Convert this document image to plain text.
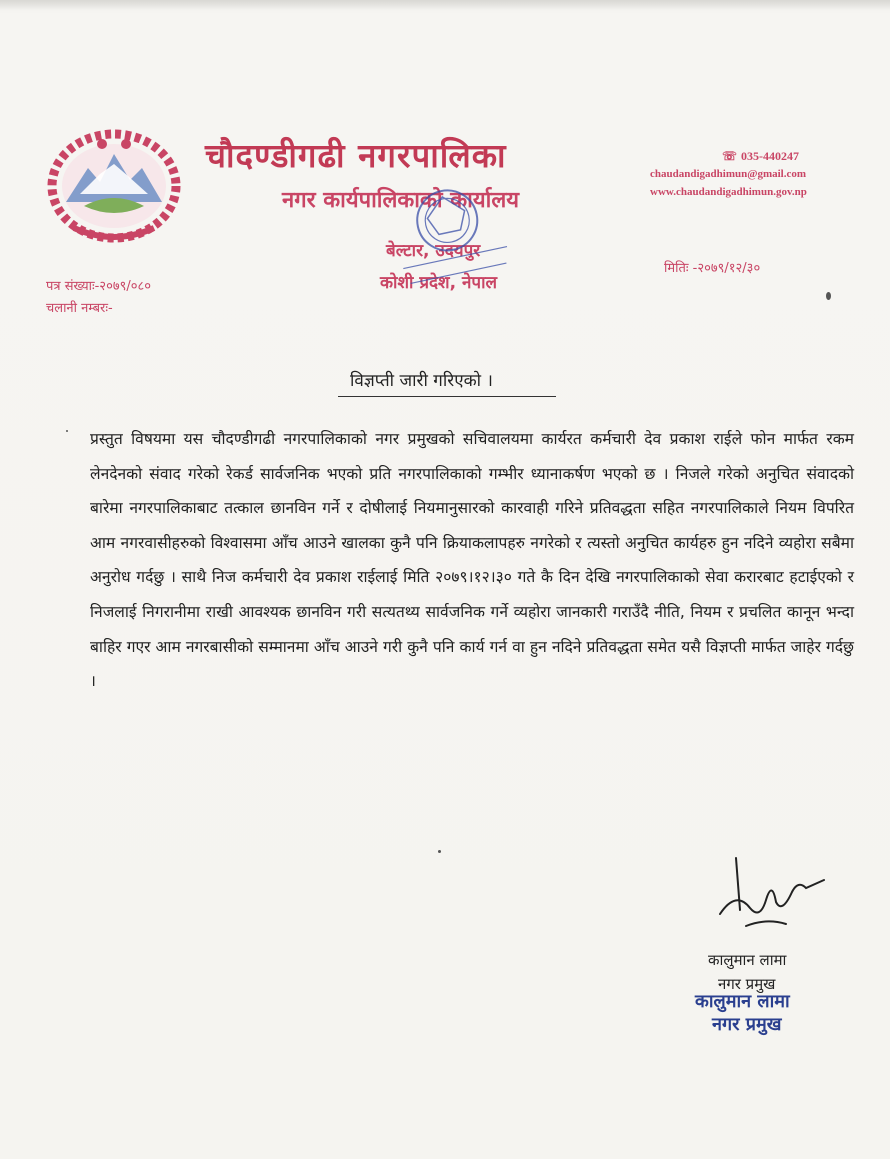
चौदण्डीगढी नगरपालिका
नगर कार्यपालिकाको कार्यालय
बेल्टार, उदयपुर
कोशी प्रदेश, नेपाल
☏ 035-440247
chaudandigadhimun@gmail.com
www.chaudandigadhimun.gov.np
पत्र संख्याः-२०७९/०८०
चलानी नम्बरः-
मितिः -२०७९/१२/३०
विज्ञप्ती जारी गरिएको ।
प्रस्तुत विषयमा यस चौदण्डीगढी नगरपालिकाको नगर प्रमुखको सचिवालयमा कार्यरत कर्मचारी देव प्रकाश राईले फोन मार्फत रकम लेनदेनको संवाद गरेको रेकर्ड सार्वजनिक भएको प्रति नगरपालिकाको गम्भीर ध्यानाकर्षण भएको छ । निजले गरेको अनुचित संवादको बारेमा नगरपालिकाबाट तत्काल छानविन गर्ने र दोषीलाई नियमानुसारको कारवाही गरिने प्रतिवद्धता सहित नगरपालिकाले नियम विपरित आम नगरवासीहरुको विश्वासमा आँच आउने खालका कुनै पनि क्रियाकलापहरु नगरेको र त्यस्तो अनुचित कार्यहरु हुन नदिने व्यहोरा सबैमा अनुरोध गर्दछु । साथै निज कर्मचारी देव प्रकाश राईलाई मिति २०७९।१२।३० गते कै दिन देखि नगरपालिकाको सेवा करारबाट हटाईएको र निजलाई निगरानीमा राखी आवश्यक छानविन गरी सत्यतथ्य सार्वजनिक गर्ने व्यहोरा जानकारी गराउँदै नीति, नियम र प्रचलित कानून भन्दा बाहिर गएर आम नगरबासीको सम्मानमा आँच आउने गरी कुनै पनि कार्य गर्न वा हुन नदिने प्रतिवद्धता समेत यसै विज्ञप्ती मार्फत जाहेर गर्दछु ।
कालुमान लामा
नगर प्रमुख
कालुमान लामा
नगर प्रमुख
